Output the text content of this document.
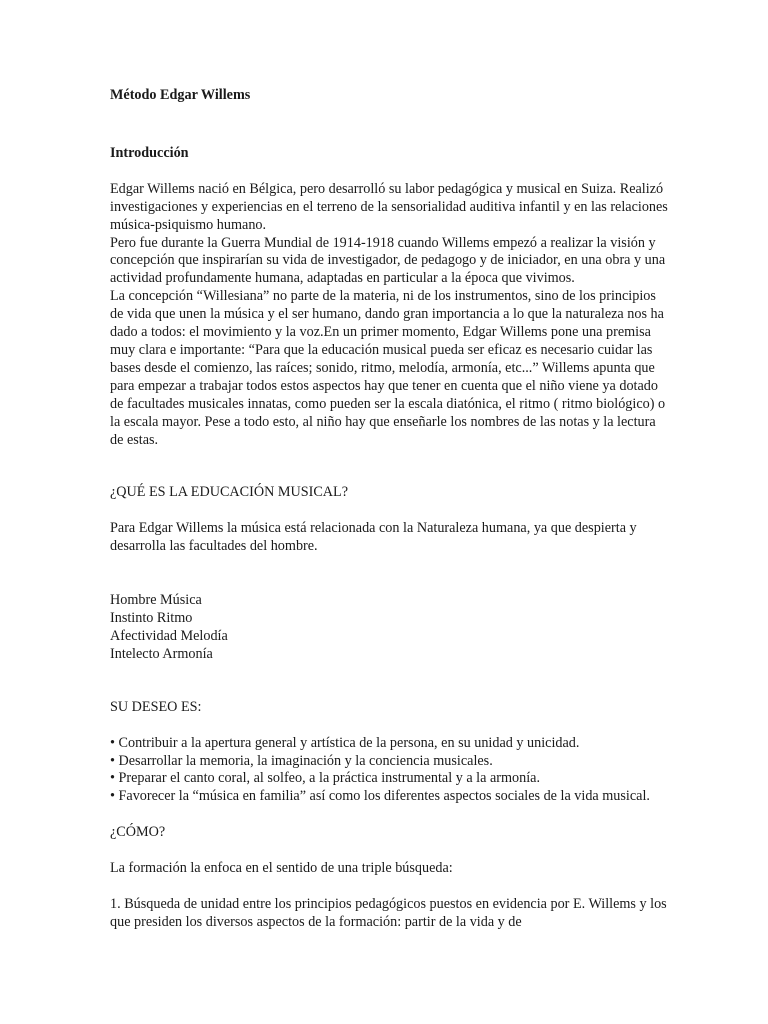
Método Edgar Willems

Introducción

Edgar Willems nació en Bélgica, pero desarrolló su labor pedagógica y musical en Suiza. Realizó investigaciones y experiencias en el terreno de la sensorialidad auditiva infantil y en las relaciones música-psiquismo humano.

Pero fue durante la Guerra Mundial de 1914-1918 cuando Willems empezó a realizar la visión y concepción que inspirarían su vida de investigador, de pedagogo y de iniciador, en una obra y una actividad profundamente humana, adaptadas en particular a la época que vivimos.

La concepción “Willesiana” no parte de la materia, ni de los instrumentos, sino de los principios de vida que unen la música y el ser humano, dando gran importancia a lo que la naturaleza nos ha dado a todos: el movimiento y la voz.En un primer momento, Edgar Willems pone una premisa muy clara e importante: “Para que la educación musical pueda ser eficaz es necesario cuidar las bases desde el comienzo, las raíces; sonido, ritmo, melodía, armonía, etc...” Willems apunta que para empezar a trabajar todos estos aspectos hay que tener en cuenta que el niño viene ya dotado de facultades musicales innatas, como pueden ser la escala diatónica, el ritmo ( ritmo biológico) o la escala mayor. Pese a todo esto, al niño hay que enseñarle los nombres de las notas y la lectura de estas.

¿QUÉ ES LA EDUCACIÓN MUSICAL?

Para Edgar Willems la música está relacionada con la Naturaleza humana, ya que despierta y desarrolla las facultades del hombre.

Hombre Música

Instinto Ritmo

Afectividad Melodía

Intelecto Armonía

SU DESEO ES:

• Contribuir a la apertura general y artística de la persona, en su unidad y unicidad.

• Desarrollar la memoria, la imaginación y la conciencia musicales.

• Preparar el canto coral, al solfeo, a la práctica instrumental y a la armonía.

• Favorecer la “música en familia” así como los diferentes aspectos sociales de la vida musical.

¿CÓMO?

La formación la enfoca en el sentido de una triple búsqueda:

1. Búsqueda de unidad entre los principios pedagógicos puestos en evidencia por E. Willems y los que presiden los diversos aspectos de la formación: partir de la vida y de
